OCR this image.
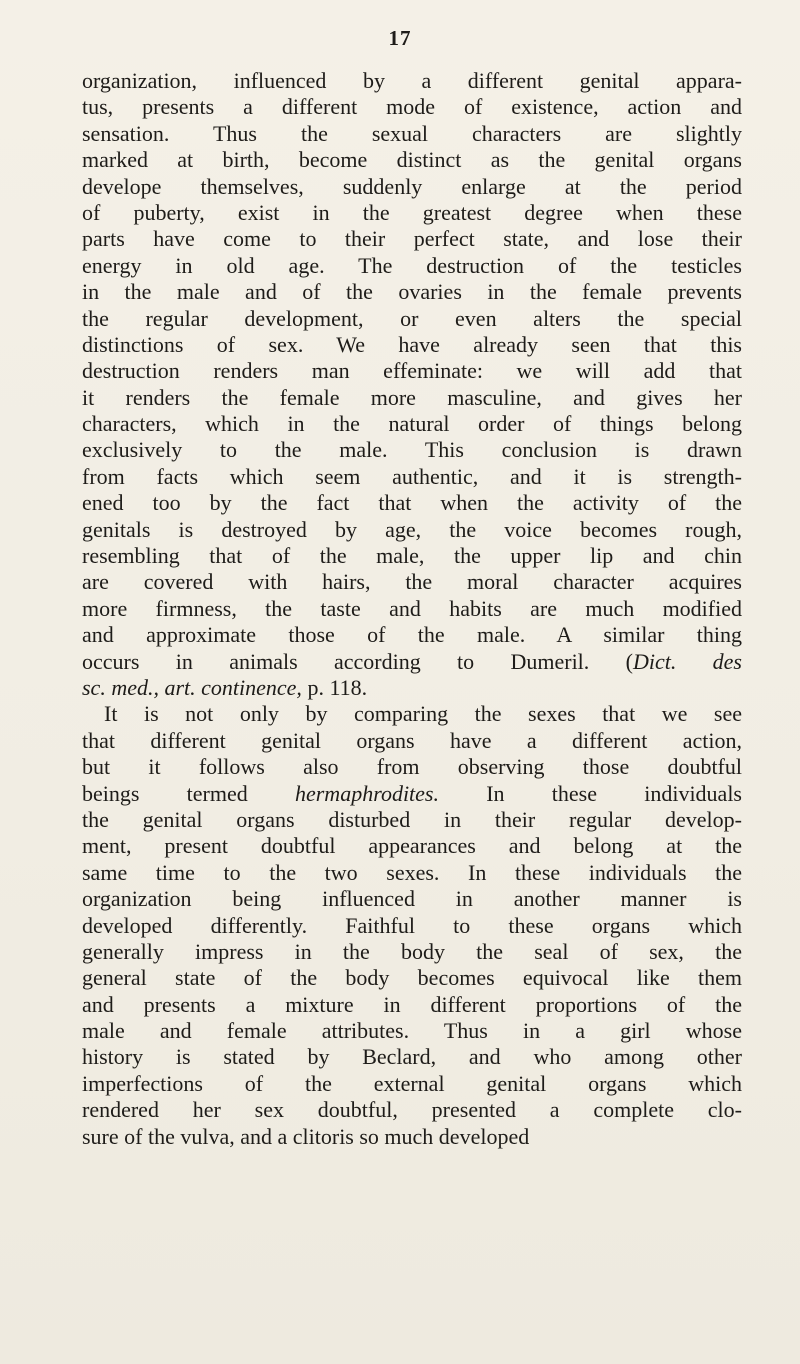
17
organization, influenced by a different genital appara-
tus, presents a different mode of existence, action and
sensation. Thus the sexual characters are slightly
marked at birth, become distinct as the genital organs
develope themselves, suddenly enlarge at the period
of puberty, exist in the greatest degree when these
parts have come to their perfect state, and lose their
energy in old age. The destruction of the testicles
in the male and of the ovaries in the female prevents
the regular development, or even alters the special
distinctions of sex. We have already seen that this
destruction renders man effeminate: we will add that
it renders the female more masculine, and gives her
characters, which in the natural order of things belong
exclusively to the male. This conclusion is drawn
from facts which seem authentic, and it is strength-
ened too by the fact that when the activity of the
genitals is destroyed by age, the voice becomes rough,
resembling that of the male, the upper lip and chin
are covered with hairs, the moral character acquires
more firmness, the taste and habits are much modified
and approximate those of the male. A similar thing
occurs in animals according to Dumeril. (Dict. des
sc. med., art. continence, p. 118.
It is not only by comparing the sexes that we see
that different genital organs have a different action,
but it follows also from observing those doubtful
beings termed hermaphrodites. In these individuals
the genital organs disturbed in their regular develop-
ment, present doubtful appearances and belong at the
same time to the two sexes. In these individuals the
organization being influenced in another manner is
developed differently. Faithful to these organs which
generally impress in the body the seal of sex, the
general state of the body becomes equivocal like them
and presents a mixture in different proportions of the
male and female attributes. Thus in a girl whose
history is stated by Beclard, and who among other
imperfections of the external genital organs which
rendered her sex doubtful, presented a complete clo-
sure of the vulva, and a clitoris so much developed
